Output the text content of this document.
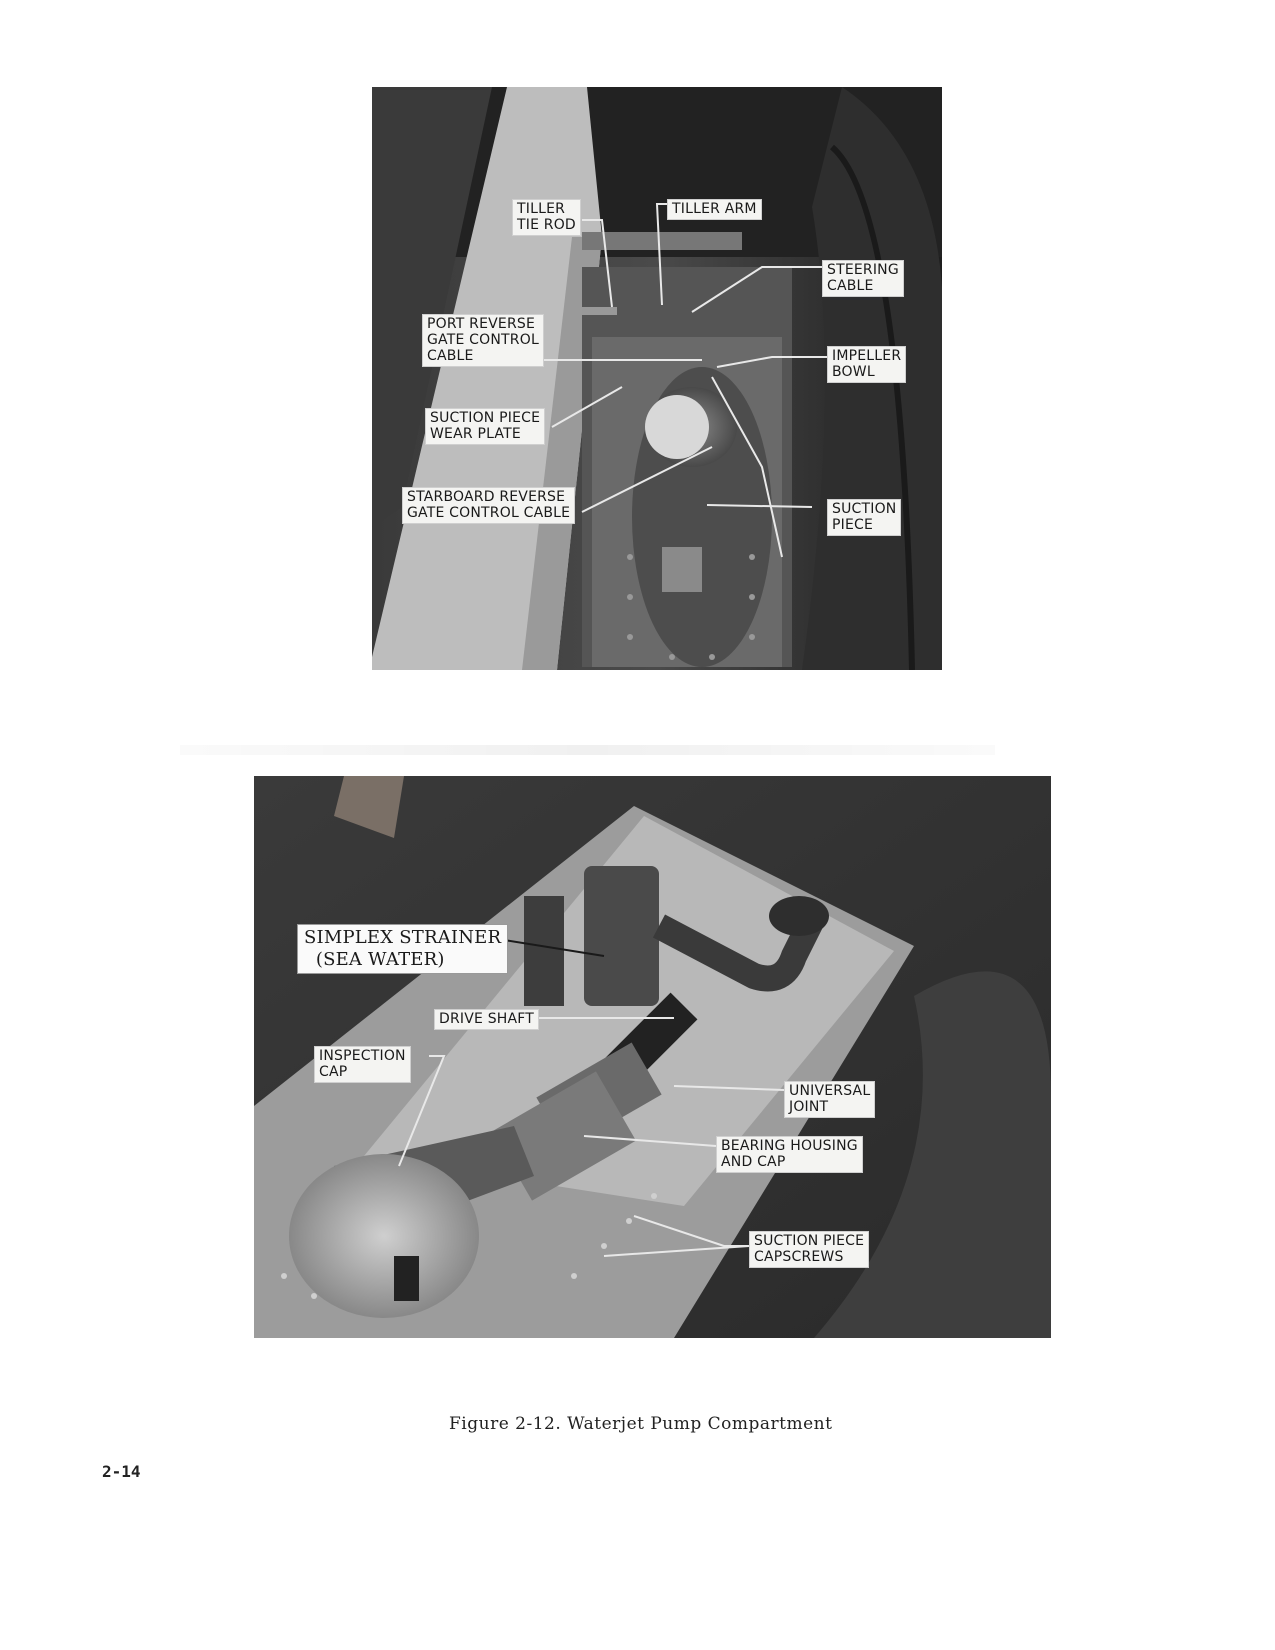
TILLER
TIE ROD
TILLER ARM
STEERING
CABLE
PORT REVERSE
GATE CONTROL
CABLE	IMPELLER
BOWL
SUCTION PIECE
WEAR PLATE
STARBOARD REVERSE
GATE CONTROL CABLE	SUCTION
PIECE
SIMPLEX STRAINER
(SEA WATER)
DRIVE SHAFT
INSPECTION
CAP
UNIVERSAL
JOINT
BEARING HOUSING
AND CAP
SUCTION PIECE
CAPSCREWS
Figure 2-12. Waterjet Pump Compartment
2-14
